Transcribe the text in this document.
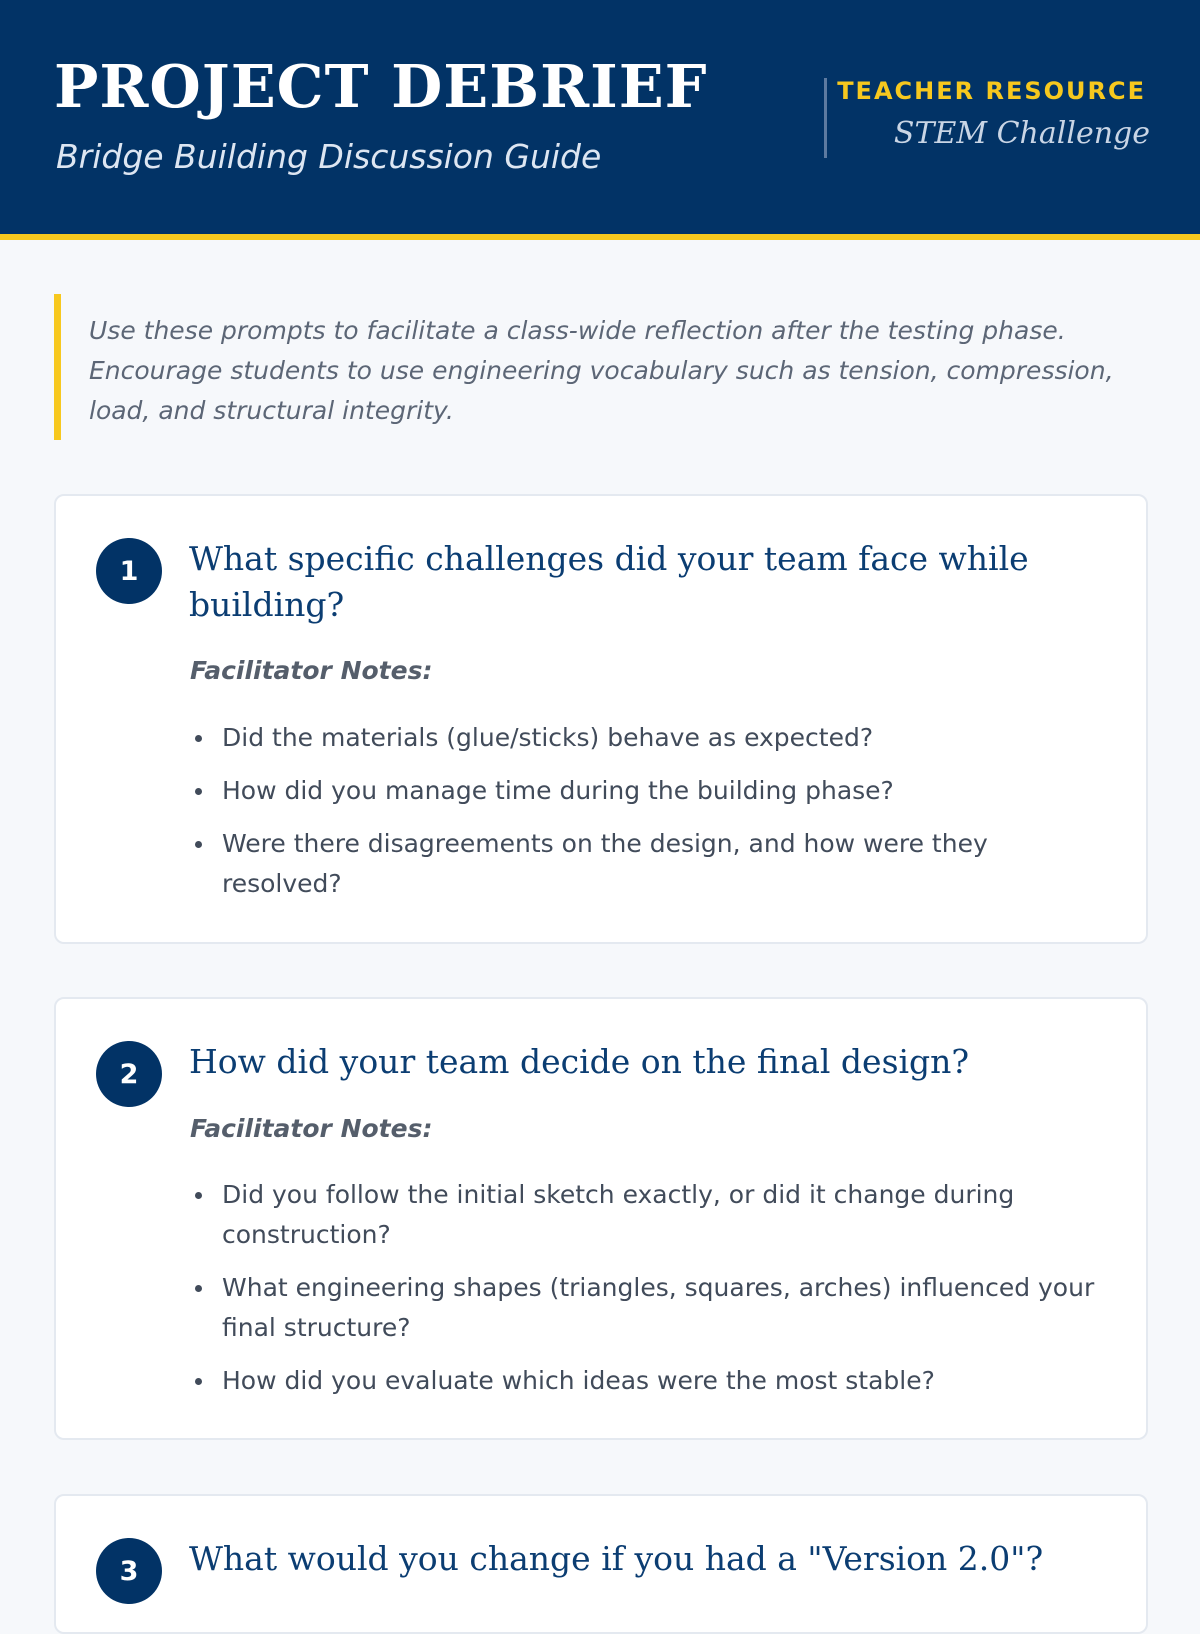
PROJECT DEBRIEF
Bridge Building Discussion Guide
TEACHER RESOURCE
STEM Challenge
Use these prompts to facilitate a class-wide reflection after the testing phase. Encourage students to use engineering vocabulary such as tension, compression, load, and structural integrity.
1	What specific challenges did your team face while building?
Facilitator Notes:
Did the materials (glue/sticks) behave as expected?
How did you manage time during the building phase?
Were there disagreements on the design, and how were they resolved?
2	How did your team decide on the final design?
Facilitator Notes:
Did you follow the initial sketch exactly, or did it change during construction?
What engineering shapes (triangles, squares, arches) influenced your final structure?
How did you evaluate which ideas were the most stable?
3	What would you change if you had a "Version 2.0"?
